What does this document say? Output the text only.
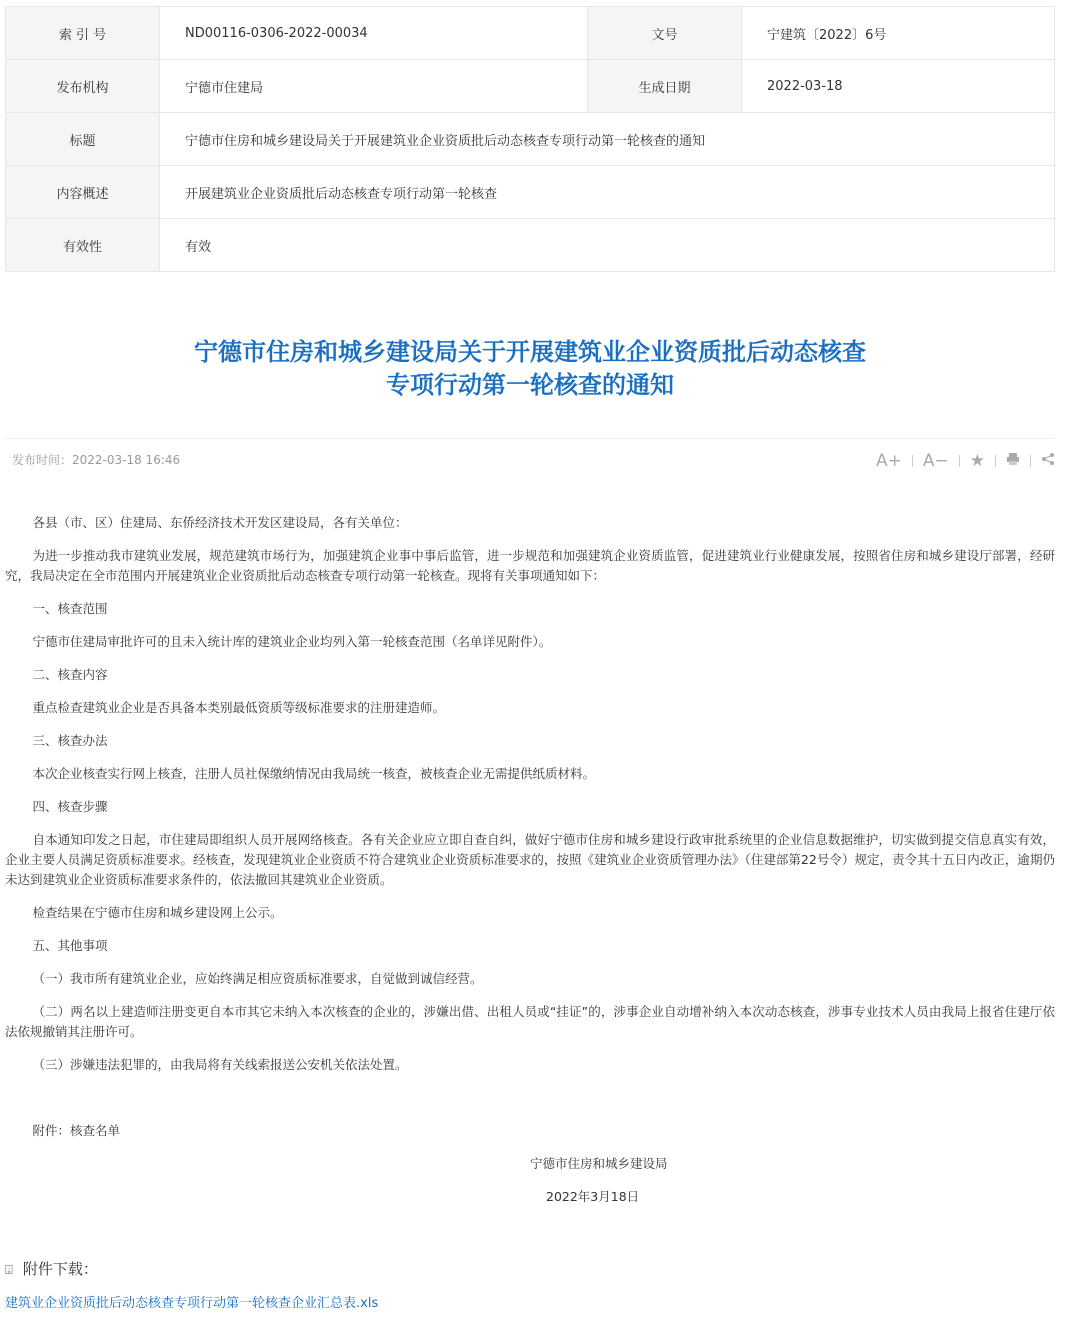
索 引 号	ND00116-0306-2022-00034	文号	宁建筑〔2022〕6号
发布机构	宁德市住建局	生成日期	2022-03-18
标题	宁德市住房和城乡建设局关于开展建筑业企业资质批后动态核查专项行动第一轮核查的通知		
内容概述	开展建筑业企业资质批后动态核查专项行动第一轮核查		
有效性	有效		
宁德市住房和城乡建设局关于开展建筑业企业资质批后动态核查
专项行动第一轮核查的通知
发布时间：2022-03-18 16:46	A+	A−	★

各县（市、区）住建局、东侨经济技术开发区建设局，各有关单位：

为进一步推动我市建筑业发展，规范建筑市场行为，加强建筑企业事中事后监管，进一步规范和加强建筑企业资质监管，促进建筑业行业健康发展，按照省住房和城乡建设厅部署，经研究，我局决定在全市范围内开展建筑业企业资质批后动态核查专项行动第一轮核查。现将有关事项通知如下：

一、核查范围

宁德市住建局审批许可的且未入统计库的建筑业企业均列入第一轮核查范围（名单详见附件）。

二、核查内容

重点检查建筑业企业是否具备本类别最低资质等级标准要求的注册建造师。

三、核查办法

本次企业核查实行网上核查，注册人员社保缴纳情况由我局统一核查，被核查企业无需提供纸质材料。

四、核查步骤

自本通知印发之日起，市住建局即组织人员开展网络核查。各有关企业应立即自查自纠，做好宁德市住房和城乡建设行政审批系统里的企业信息数据维护，切实做到提交信息真实有效，企业主要人员满足资质标准要求。经核查，发现建筑业企业资质不符合建筑业企业资质标准要求的，按照《建筑业企业资质管理办法》（住建部第22号令）规定，责令其十五日内改正，逾期仍未达到建筑业企业资质标准要求条件的，依法撤回其建筑业企业资质。

检查结果在宁德市住房和城乡建设网上公示。

五、其他事项

（一）我市所有建筑业企业，应始终满足相应资质标准要求，自觉做到诚信经营。

（二）两名以上建造师注册变更自本市其它未纳入本次核查的企业的，涉嫌出借、出租人员或“挂证”的，涉事企业自动增补纳入本次动态核查，涉事专业技术人员由我局上报省住建厅依法依规撤销其注册许可。

（三）涉嫌违法犯罪的，由我局将有关线索报送公安机关依法处置。

附件：核查名单

宁德市住房和城乡建设局

2022年3月18日

⍗ 附件下载：
建筑业企业资质批后动态核查专项行动第一轮核查企业汇总表.xls
